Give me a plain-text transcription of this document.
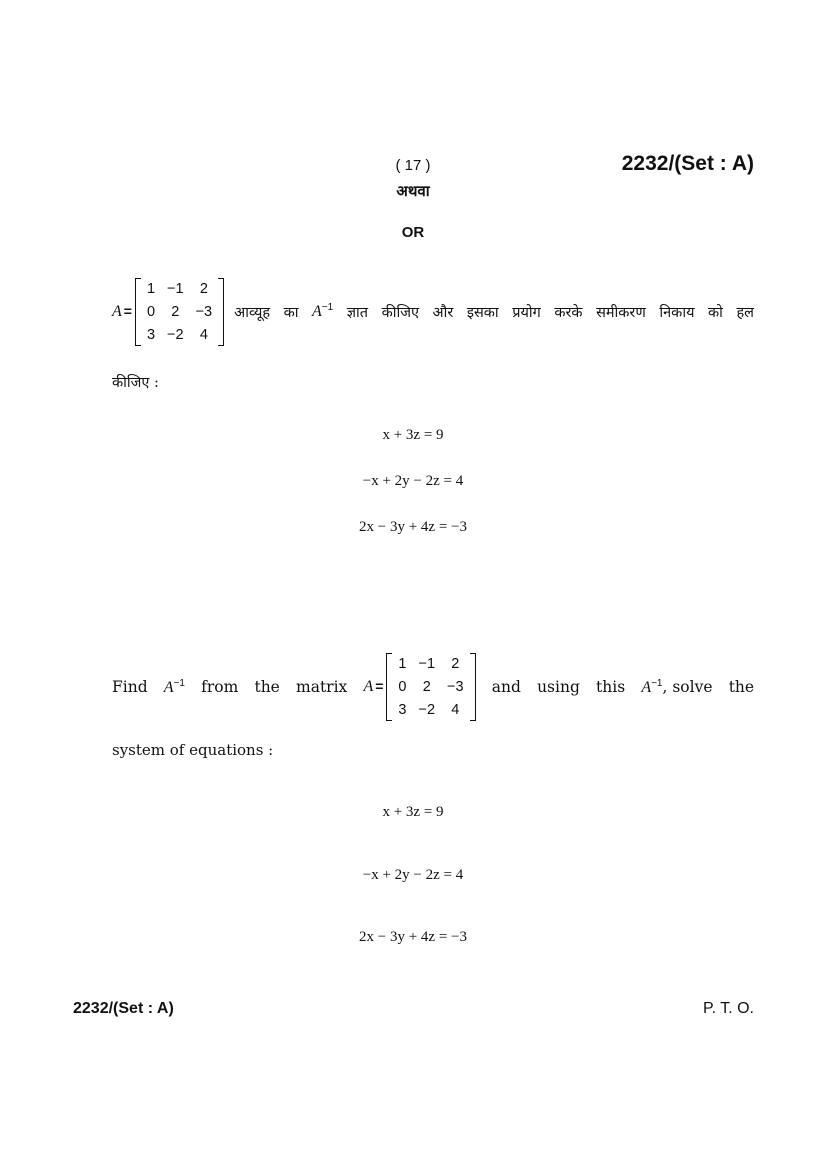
( 17 )	2232/(Set : A)
अथवा
OR
A =
1	−1	2
0	2	−3
3	−2	4
आव्यूह का $A^{-1}$ ज्ञात कीजिए और इसका प्रयोग करके समीकरण निकाय को हल
कीजिए :
x + 3z = 9
−x + 2y − 2z = 4
2x − 3y + 4z = −3
Find $A^{-1}$ from the matrix A =
1	−1	2
0	2	−3
3	−2	4
and using this $A^{-1}$ , solve the
system of equations :
x + 3z = 9
−x + 2y − 2z = 4
2x − 3y + 4z = −3
2232/(Set : A)	P. T. O.
